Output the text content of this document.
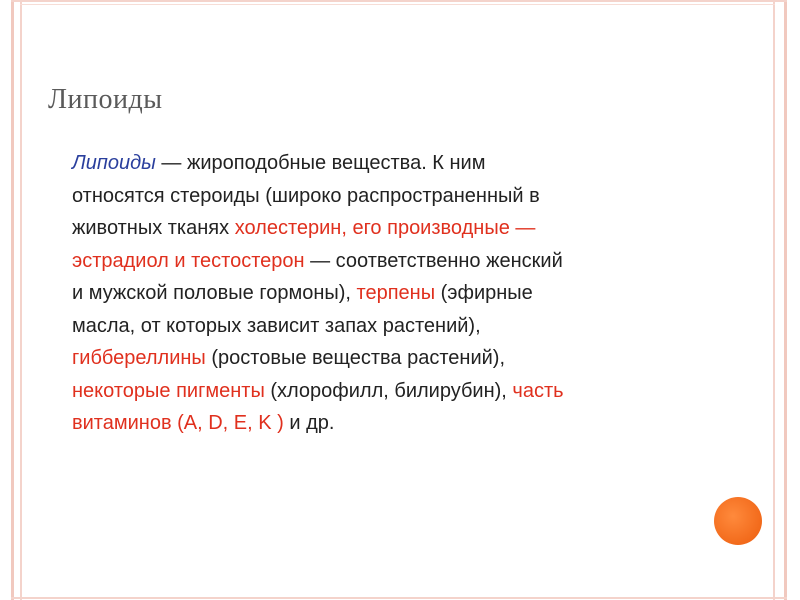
Липоиды
Липоиды — жироподобные вещества. К ним
относятся стероиды (широко распространенный в
животных тканях холестерин, его производные —
эстрадиол и тестостерон — соответственно женский
и мужской половые гормоны), терпены (эфирные
масла, от которых зависит запах растений),
гиббереллины (ростовые вещества растений),
некоторые пигменты (хлорофилл, билирубин), часть
витаминов (A, D, E, K ) и др.
